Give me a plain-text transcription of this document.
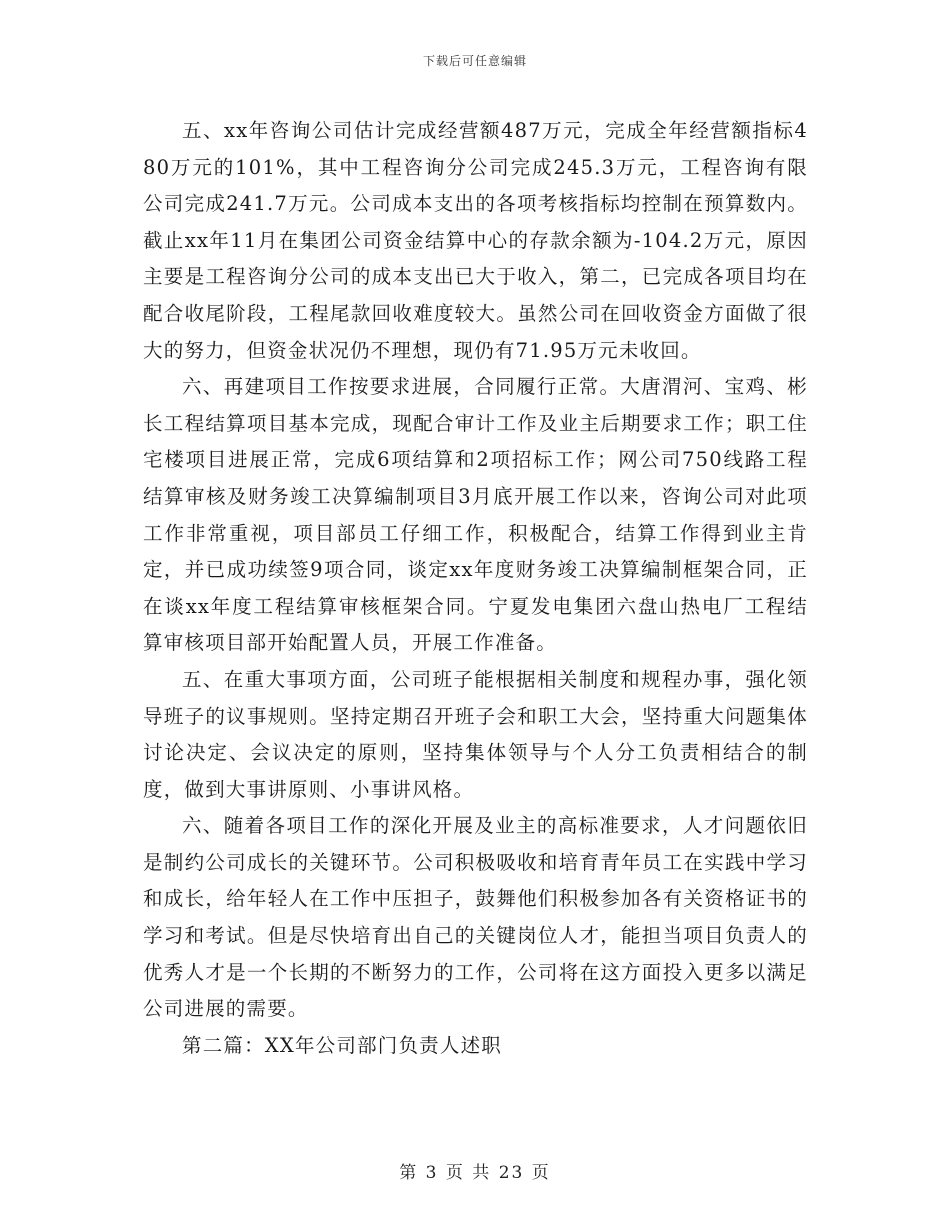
下载后可任意编辑

五、xx年咨询公司估计完成经营额487万元，完成全年经营额指标480万元的101%，其中工程咨询分公司完成245.3万元，工程咨询有限公司完成241.7万元。公司成本支出的各项考核指标均控制在预算数内。截止xx年11月在集团公司资金结算中心的存款余额为-104.2万元，原因主要是工程咨询分公司的成本支出已大于收入，第二，已完成各项目均在配合收尾阶段，工程尾款回收难度较大。虽然公司在回收资金方面做了很大的努力，但资金状况仍不理想，现仍有71.95万元未收回。

六、再建项目工作按要求进展，合同履行正常。大唐渭河、宝鸡、彬长工程结算项目基本完成，现配合审计工作及业主后期要求工作；职工住宅楼项目进展正常，完成6项结算和2项招标工作；网公司750线路工程结算审核及财务竣工决算编制项目3月底开展工作以来，咨询公司对此项工作非常重视，项目部员工仔细工作，积极配合，结算工作得到业主肯定，并已成功续签9项合同，谈定xx年度财务竣工决算编制框架合同，正在谈xx年度工程结算审核框架合同。宁夏发电集团六盘山热电厂工程结算审核项目部开始配置人员，开展工作准备。

五、在重大事项方面，公司班子能根据相关制度和规程办事，强化领导班子的议事规则。坚持定期召开班子会和职工大会，坚持重大问题集体讨论决定、会议决定的原则，坚持集体领导与个人分工负责相结合的制度，做到大事讲原则、小事讲风格。

六、随着各项目工作的深化开展及业主的高标准要求，人才问题依旧是制约公司成长的关键环节。公司积极吸收和培育青年员工在实践中学习和成长，给年轻人在工作中压担子，鼓舞他们积极参加各有关资格证书的学习和考试。但是尽快培育出自己的关键岗位人才，能担当项目负责人的优秀人才是一个长期的不断努力的工作，公司将在这方面投入更多以满足公司进展的需要。

第二篇：XX年公司部门负责人述职

第 3 页 共 23 页
